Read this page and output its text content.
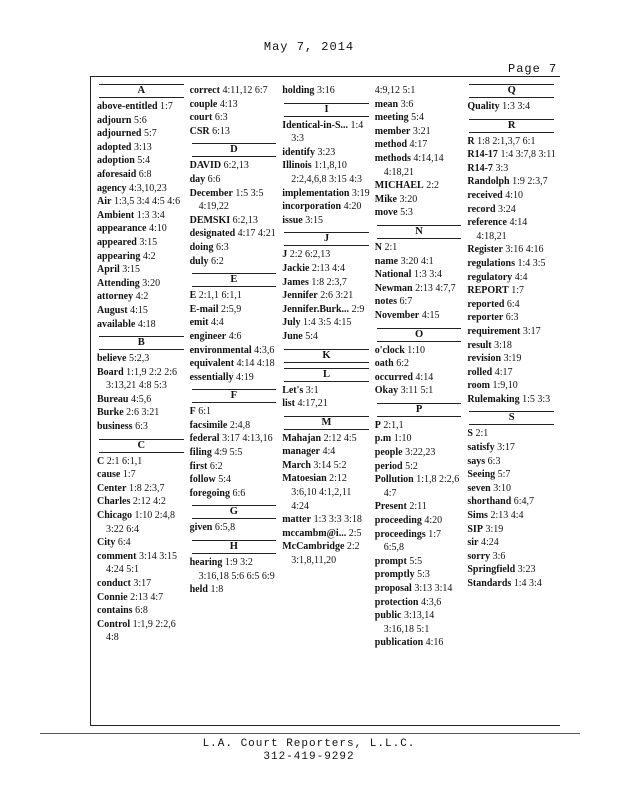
May 7, 2014
Page 7
A
above-entitled 1:7
adjourn 5:6
adjourned 5:7
adopted 3:13
adoption 5:4
aforesaid 6:8
agency 4:3,10,23
Air 1:3,5 3:4 4:5 4:6
Ambient 1:3 3:4
appearance 4:10
appeared 3:15
appearing 4:2
April 3:15
Attending 3:20
attorney 4:2
August 4:15
available 4:18
B
believe 5:2,3
Board 1:1,9 2:2 2:6 3:13,21 4:8 5:3
Bureau 4:5,6
Burke 2:6 3:21
business 6:3
C
C 2:1 6:1,1
cause 1:7
Center 1:8 2:3,7
Charles 2:12 4:2
Chicago 1:10 2:4,8 3:22 6:4
City 6:4
comment 3:14 3:15 4:24 5:1
conduct 3:17
Connie 2:13 4:7
contains 6:8
Control 1:1,9 2:2,6 4:8
correct 4:11,12 6:7
couple 4:13
court 6:3
CSR 6:13
D
DAVID 6:2,13
day 6:6
December 1:5 3:5 4:19,22
DEMSKI 6:2,13
designated 4:17 4:21
doing 6:3
duly 6:2
E
E 2:1,1 6:1,1
E-mail 2:5,9
emit 4:4
engineer 4:6
environmental 4:3,6
equivalent 4:14 4:18
essentially 4:19
F
F 6:1
facsimile 2:4,8
federal 3:17 4:13,16
filing 4:9 5:5
first 6:2
follow 5:4
foregoing 6:6
G
given 6:5,8
H
hearing 1:9 3:2 3:16,18 5:6 6:5 6:9
held 1:8
holding 3:16
I
Identical-in-S... 1:4 3:3
identify 3:23
Illinois 1:1,8,10 2:2,4,6,8 3:15 4:3
implementation 3:19
incorporation 4:20
issue 3:15
J
J 2:2 6:2,13
Jackie 2:13 4:4
James 1:8 2:3,7
Jennifer 2:6 3:21
Jennifer.Burk... 2:9
July 1:4 3:5 4:15
June 5:4
K
L
Let's 3:1
list 4:17,21
M
Mahajan 2:12 4:5
manager 4:4
March 3:14 5:2
Matoesian 2:12 3:6,10 4:1,2,11 4:24
matter 1:3 3:3 3:18
mccambm@i... 2:5
McCambridge 2:2 3:1,8,11,20
4:9,12 5:1
mean 3:6
meeting 5:4
member 3:21
method 4:17
methods 4:14,14 4:18,21
MICHAEL 2:2
Mike 3:20
move 5:3
N
N 2:1
name 3:20 4:1
National 1:3 3:4
Newman 2:13 4:7,7
notes 6:7
November 4:15
O
o'clock 1:10
oath 6:2
occurred 4:14
Okay 3:11 5:1
P
P 2:1,1
p.m 1:10
people 3:22,23
period 5:2
Pollution 1:1,8 2:2,6 4:7
Present 2:11
proceeding 4:20
proceedings 1:7 6:5,8
prompt 5:5
promptly 5:3
proposal 3:13 3:14
protection 4:3,6
public 3:13,14 3:16,18 5:1
publication 4:16
Q
Quality 1:3 3:4
R
R 1:8 2:1,3,7 6:1
R14-17 1:4 3:7,8 3:11
R14-7 3:3
Randolph 1:9 2:3,7
received 4:10
record 3:24
reference 4:14 4:18,21
Register 3:16 4:16
regulations 1:4 3:5
regulatory 4:4
REPORT 1:7
reported 6:4
reporter 6:3
requirement 3:17
result 3:18
revision 3:19
rolled 4:17
room 1:9,10
Rulemaking 1:5 3:3
S
S 2:1
satisfy 3:17
says 6:3
Seeing 5:7
seven 3:10
shorthand 6:4,7
Sims 2:13 4:4
SIP 3:19
sir 4:24
sorry 3:6
Springfield 3:23
Standards 1:4 3:4
L.A. Court Reporters, L.L.C.
312-419-9292
